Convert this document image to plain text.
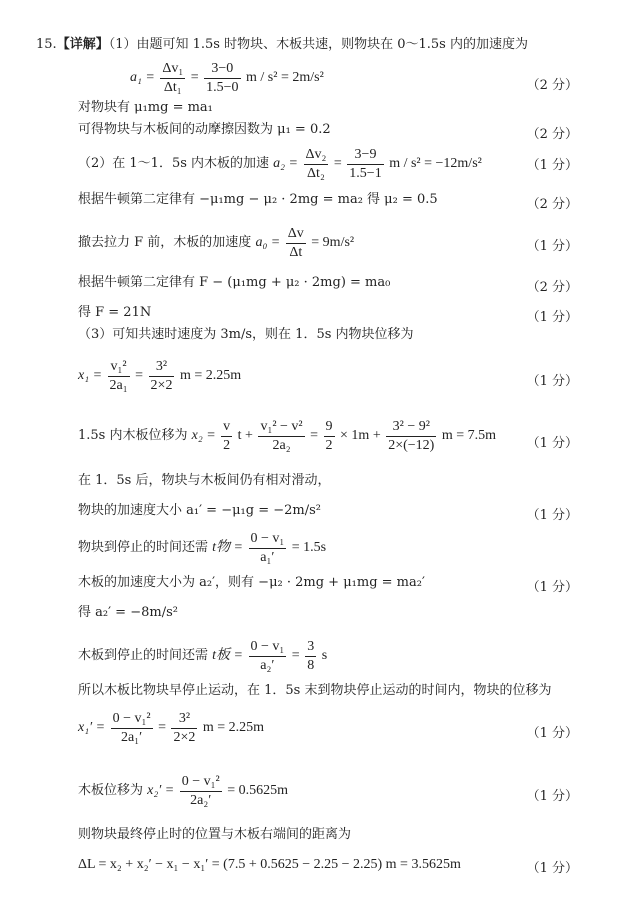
15.【详解】（1）由题可知 1.5s 时物块、木板共速，则物块在 0～1.5s 内的加速度为
$a_1 = \frac{\text{Δv₁}}{\text{Δt₁}} = \frac{3-0}{1.5-0}$ m / s² = 2m/s²
（2 分）
对物块有 μ₁mg = ma₁
可得物块与木板间的动摩擦因数为 μ₁ = 0.2	（2 分）
（2）在 1～1．5s 内木板的加速 $a_2 = \frac{\text{Δv₂}}{\text{Δt₂}} = \frac{3-9}{1.5-1}$ m / s² = −12m/s²	（1 分）
根据牛顿第二定律有 −μ₁mg − μ₂ · 2mg = ma₂ 得 μ₂ = 0.5	（2 分）
撤去拉力 F 前，木板的加速度 $a_0 = \frac{\Delta v}{\Delta t} = 9m/s^2$	（1 分）
根据牛顿第二定律有 F − (μ₁mg + μ₂ · 2mg) = ma₀	（2 分）
得 F = 21N	（1 分）
（3）可知共速时速度为 3m/s，则在 1．5s 内物块位移为
$x_1 = \frac{\text{v₁²}}{\text{2a₁}} = \frac{\text{3²}}{2\times 2}$ m = 2.25m	（1 分）
1.5s 内木板位移为 $x_2 = \frac{v}{2}$ $t + \frac{\text{v₁² − v²}}{\text{2a₂}} = \frac{9}{2} \times 1m + \frac{\text{3² − 9²}}{2\times(-12)}$ m = 7.5m
（1 分）
在 1．5s 后，物块与木板间仍有相对滑动，
物块的加速度大小 a₁′ = −μ₁g = −2m/s²	（1 分）
物块到停止的时间还需 t物 = $\frac{\text{0 − v₁}}{\text{a₁′}} = 1.5s$
木板的加速度大小为 a₂′，则有 −μ₂ · 2mg + μ₁mg = ma₂′	（1 分）
得 a₂′ = −8m/s²
木板到停止的时间还需 t板 = $\frac{\text{0 − v₁}}{\text{a₂′}} = \frac{3}{8}$ s
所以木板比物块早停止运动，在 1．5s 末到物块停止运动的时间内，物块的位移为
$x_1' = \frac{\text{0 − v₁²}}{\text{2a₁′}} = \frac{\text{3²}}{2\times 2}$ m = 2.25m	（1 分）
木板位移为 $x_2' = \frac{\text{0 − v₁²}}{\text{2a₂′}} = 0.5625m$	（1 分）
则物块最终停止时的位置与木板右端间的距离为
ΔL = x₂ + x₂′ − x₁ − x₁′ = (7.5 + 0.5625 − 2.25 − 2.25) m = 3.5625m	（1 分）
